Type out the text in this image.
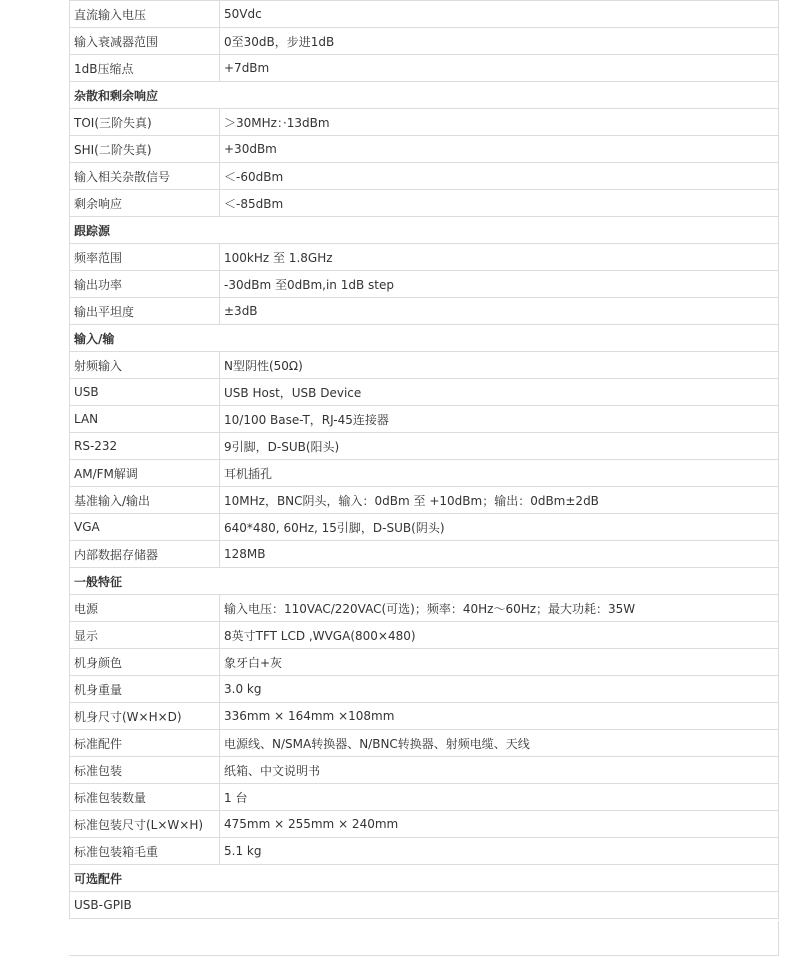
直流输入电压	50Vdc
输入衰减器范围	0至30dB，步进1dB
1dB压缩点	+7dBm
杂散和剩余响应	
TOI(三阶失真)	＞30MHz：·13dBm
SHI(二阶失真)	+30dBm
输入相关杂散信号	＜-60dBm
剩余响应	＜-85dBm
跟踪源	
频率范围	100kHz 至 1.8GHz
输出功率	-30dBm 至0dBm,in 1dB step
输出平坦度	±3dB
输入/输	
射频输入	N型阴性(50Ω)
USB	USB Host，USB Device
LAN	10/100 Base-T，RJ-45连接器
RS-232	9引脚，D-SUB(阳头)
AM/FM解调	耳机插孔
基准输入/输出	10MHz，BNC阴头，输入：0dBm 至 +10dBm；输出：0dBm±2dB
VGA	640*480, 60Hz, 15引脚，D-SUB(阴头)
内部数据存储器	128MB
一般特征	
电源	输入电压：110VAC/220VAC(可选)；频率：40Hz～60Hz；最大功耗：35W
显示	8英寸TFT LCD ,WVGA(800×480)
机身颜色	象牙白+灰
机身重量	3.0 kg
机身尺寸(W×H×D)	336mm × 164mm ×108mm
标准配件	电源线、N/SMA转换器、N/BNC转换器、射频电缆、天线
标准包装	纸箱、中文说明书
标准包装数量	1 台
标准包装尺寸(L×W×H)	475mm × 255mm × 240mm
标准包装箱毛重	5.1 kg
可选配件	
USB-GPIB	
